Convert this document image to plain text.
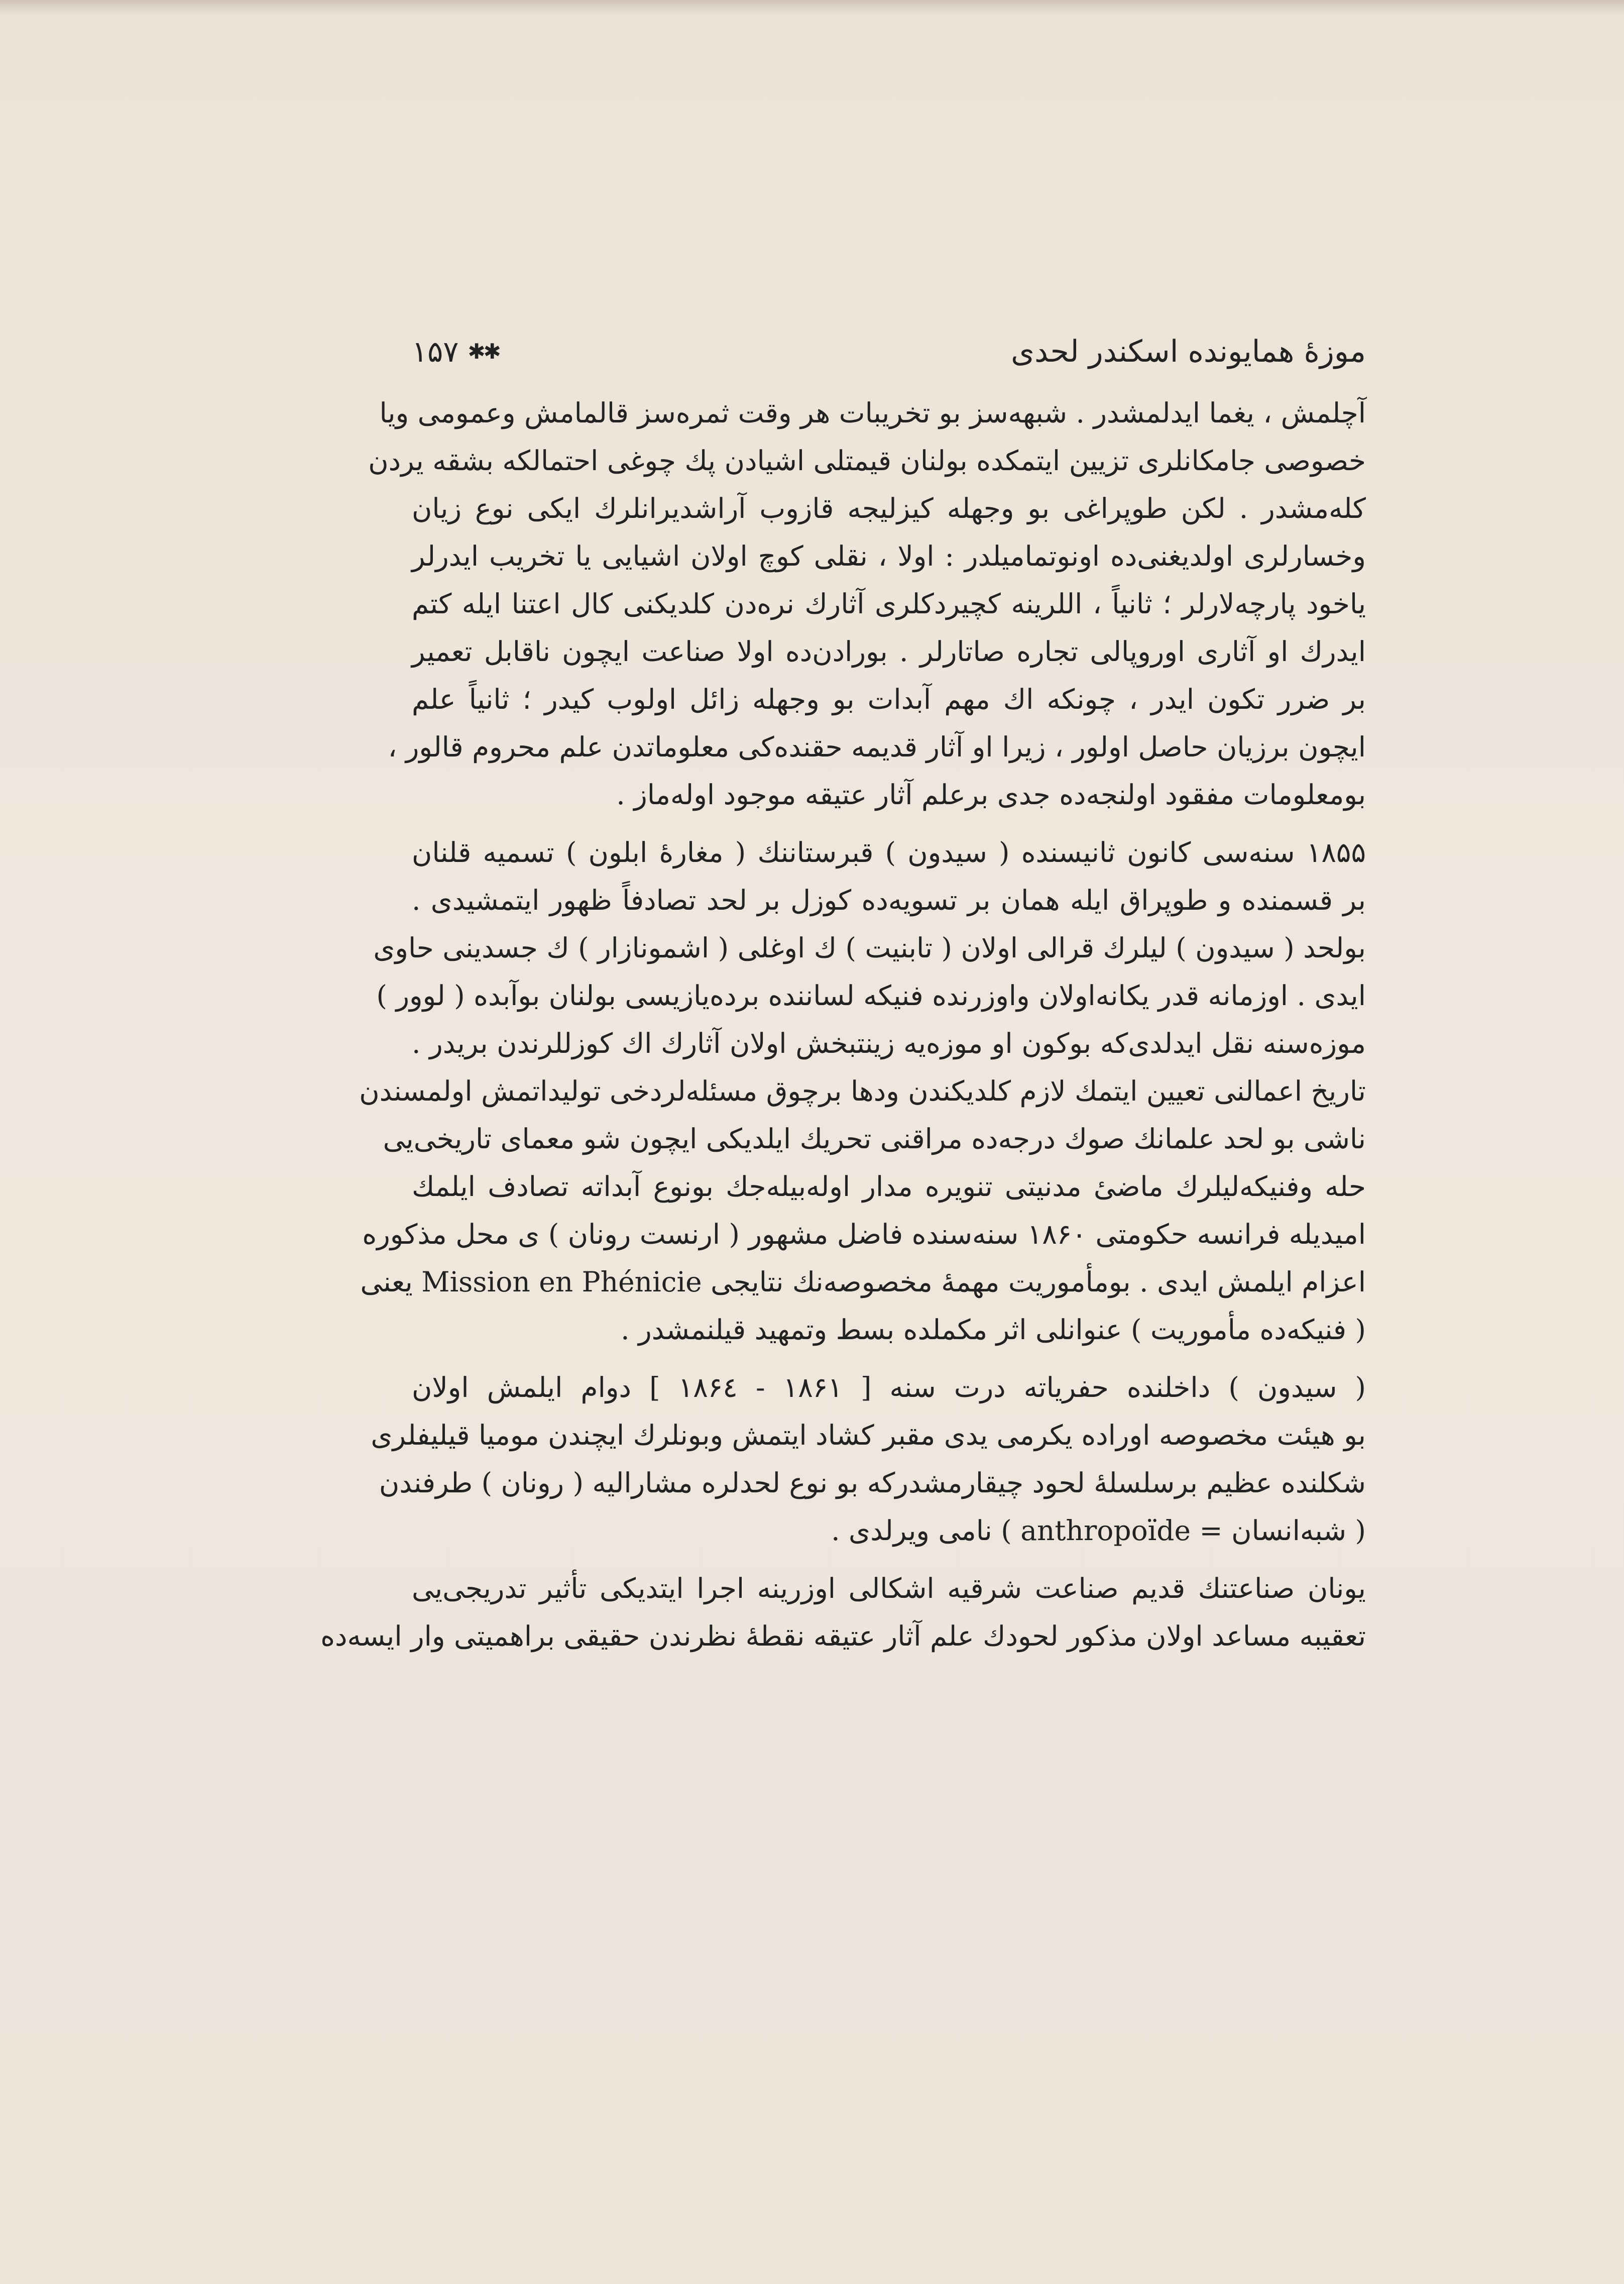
موزهٔ همایونده اسکندر لحدی
۱۵۷ ✱✱
آچلمش ، یغما ایدلمشدر . شبهه‌سز بو تخریبات هر وقت ثمره‌سز قالمامش وعمومی ویا
خصوصی جامکانلری تزیین ایتمکده بولنان قیمتلی اشیادن پك چوغی احتمالکه بشقه یردن
کله‌مشدر . لکن طوپراغی بو وجهله کیزلیجه قازوب آراشدیرانلرك ایکی نوع زیان
وخسارلری اولدیغنی‌ده اونوتمامیلدر : اولا ، نقلی کوچ اولان اشیایی یا تخریب ایدرلر
یاخود پارچه‌لارلر ؛ ثانیاً ، اللرینه کچیردکلری آثارك نره‌دن کلدیکنی کال اعتنا ایله کتم
ایدرك او آثاری اوروپالی تجاره صاتارلر . بورادن‌ده اولا صناعت ایچون ناقابل تعمیر
بر ضرر تکون ایدر ، چونکه اك مهم آبدات بو وجهله زائل اولوب کیدر ؛ ثانیاً علم
ایچون برزیان حاصل اولور ، زیرا او آثار قدیمه حقنده‌کی معلوماتدن علم محروم قالور ،
بومعلومات مفقود اولنجه‌ده جدی برعلم آثار عتیقه موجود اوله‌ماز .
۱۸۵۵ سنه‌سی کانون ثانیسنده ( سیدون ) قبرستاننك ( مغارهٔ ابلون ) تسمیه قلنان
بر قسمنده و طوپراق ایله همان بر تسویه‌ده کوزل بر لحد تصادفاً ظهور ایتمشیدی .
بولحد ( سیدون ) لیلرك قرالی اولان ( تابنیت ) ك اوغلی ( اشمونازار ) ك جسدینی حاوی
ایدی . اوزمانه قدر یکانه‌اولان واوزرنده فنیکه لساننده برده‌یازیسی بولنان بوآبده ( لوور )
موزه‌سنه نقل ایدلدی‌که بوکون او موزه‌یه زینتبخش اولان آثارك اك کوزللرندن بریدر .
تاریخ اعمالنی تعیین ایتمك لازم کلدیکندن ودها برچوق مسئله‌لردخی تولیداتمش اولمسندن
ناشی بو لحد علمانك صوك درجه‌ده مراقنی تحریك ایلدیکی ایچون شو معمای تاریخی‌یی
حله وفنیکه‌لیلرك ماضیٔ مدنیتی تنویره مدار اوله‌بیله‌جك بونوع آبداته تصادف ایلمك
امیدیله فرانسه حکومتی ۱۸۶۰ سنه‌سنده فاضل مشهور ( ارنست رونان ) ی محل مذکوره
اعزام ایلمش ایدی . بومأموریت مهمهٔ مخصوصه‌نك نتایجی Mission en Phénicie یعنی
( فنیکه‌ده مأموریت ) عنوانلی اثر مکملده بسط وتمهید قیلنمشدر .
( سیدون ) داخلنده حفریاته درت سنه [ ۱۸۶۱ - ۱۸۶٤ ] دوام ایلمش اولان
بو هیئت مخصوصه اوراده یکرمی یدی مقبر کشاد ایتمش وبونلرك ایچندن مومیا قیلیفلری
شکلنده عظیم برسلسلهٔ لحود چیقارمشدرکه بو نوع لحدلره مشارالیه ( رونان ) طرفندن
( شبه‌انسان = anthropoïde ) نامی ویرلدی .
یونان صناعتنك قدیم صناعت شرقیه اشکالی اوزرینه اجرا ایتدیکی تأثیر تدریجی‌یی
تعقیبه مساعد اولان مذکور لحودك علم آثار عتیقه نقطهٔ نظرندن حقیقی براهمیتی وار ایسه‌ده
